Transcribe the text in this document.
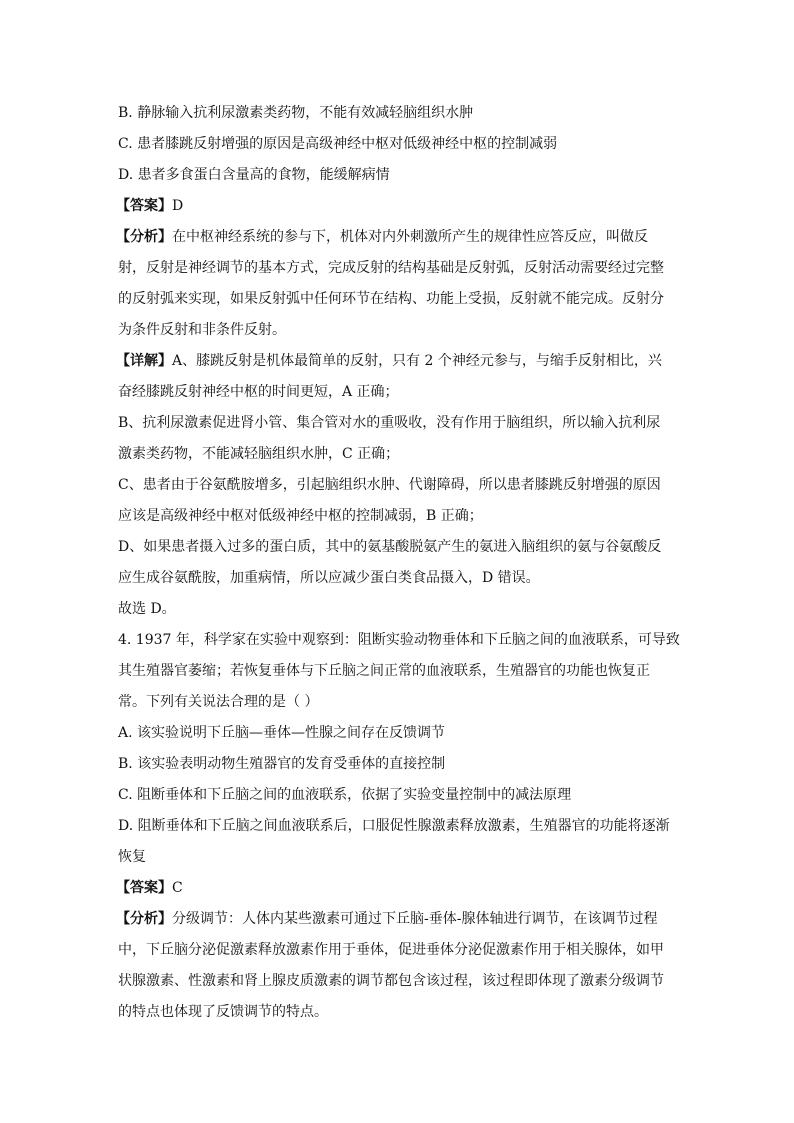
B. 静脉输入抗利尿激素类药物，不能有效减轻脑组织水肿
C. 患者膝跳反射增强的原因是高级神经中枢对低级神经中枢的控制减弱
D. 患者多食蛋白含量高的食物，能缓解病情
【答案】D
【分析】在中枢神经系统的参与下，机体对内外刺激所产生的规律性应答反应，叫做反
射，反射是神经调节的基本方式，完成反射的结构基础是反射弧，反射活动需要经过完整
的反射弧来实现，如果反射弧中任何环节在结构、功能上受损，反射就不能完成。反射分
为条件反射和非条件反射。
【详解】A、膝跳反射是机体最简单的反射，只有 2 个神经元参与，与缩手反射相比，兴
奋经膝跳反射神经中枢的时间更短，A 正确；
B、抗利尿激素促进肾小管、集合管对水的重吸收，没有作用于脑组织，所以输入抗利尿
激素类药物，不能减轻脑组织水肿，C 正确；
C、患者由于谷氨酰胺增多，引起脑组织水肿、代谢障碍，所以患者膝跳反射增强的原因
应该是高级神经中枢对低级神经中枢的控制减弱，B 正确；
D、如果患者摄入过多的蛋白质，其中的氨基酸脱氨产生的氨进入脑组织的氨与谷氨酸反
应生成谷氨酰胺，加重病情，所以应减少蛋白类食品摄入，D 错误。
故选 D。
4. 1937 年，科学家在实验中观察到：阻断实验动物垂体和下丘脑之间的血液联系，可导致
其生殖器官萎缩；若恢复垂体与下丘脑之间正常的血液联系，生殖器官的功能也恢复正
常。下列有关说法合理的是（ ）
A. 该实验说明下丘脑—垂体—性腺之间存在反馈调节
B. 该实验表明动物生殖器官的发育受垂体的直接控制
C. 阻断垂体和下丘脑之间的血液联系，依据了实验变量控制中的减法原理
D. 阻断垂体和下丘脑之间血液联系后，口服促性腺激素释放激素，生殖器官的功能将逐渐
恢复
【答案】C
【分析】分级调节：人体内某些激素可通过下丘脑-垂体-腺体轴进行调节，在该调节过程
中，下丘脑分泌促激素释放激素作用于垂体，促进垂体分泌促激素作用于相关腺体，如甲
状腺激素、性激素和肾上腺皮质激素的调节都包含该过程，该过程即体现了激素分级调节
的特点也体现了反馈调节的特点。
